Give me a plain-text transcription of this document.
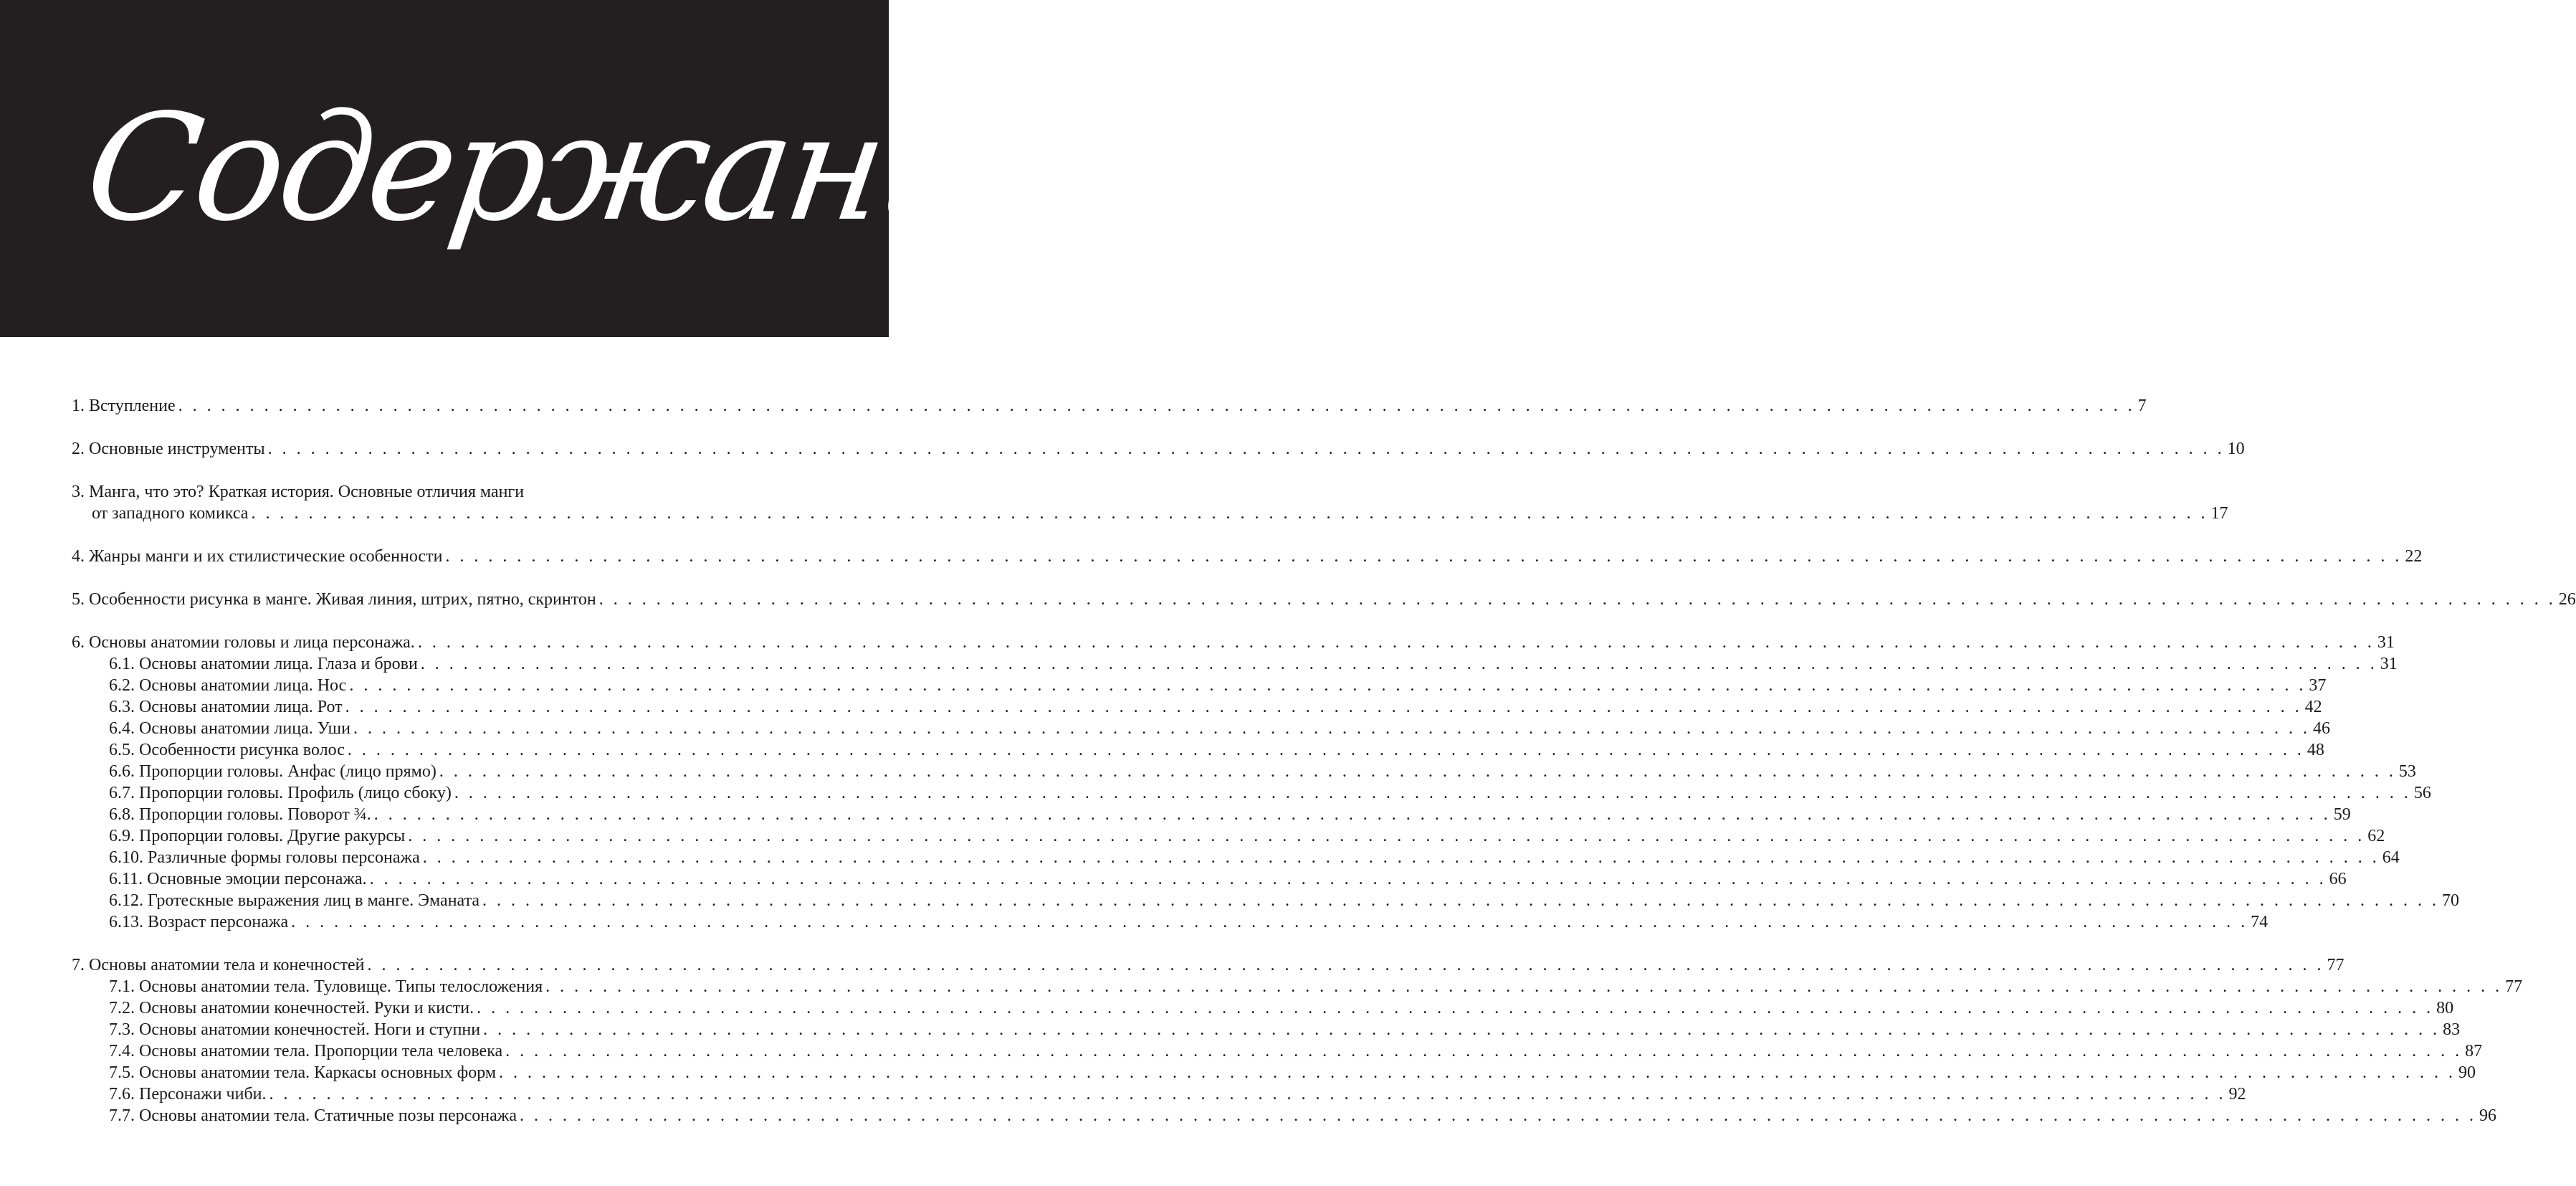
Содержание
1. Вступление . . .	7
2. Основные инструменты . . .	10
3. Манга, что это? Краткая история. Основные отличия манги
от западного комикса . . .	17
4. Жанры манги и их стилистические особенности . . .	22
5. Особенности рисунка в манге. Живая линия, штрих, пятно, скринтон . . .	26
6. Основы анатомии головы и лица персонажа. . . .	31
6.1. Основы анатомии лица. Глаза и брови . . .	31
6.2. Основы анатомии лица. Нос . . .	37
6.3. Основы анатомии лица. Рот . . .	42
6.4. Основы анатомии лица. Уши . . .	46
6.5. Особенности рисунка волос . . .	48
6.6. Пропорции головы. Анфас (лицо прямо) . . .	53
6.7. Пропорции головы. Профиль (лицо сбоку) . . .	56
6.8. Пропорции головы. Поворот ¾. . . .	59
6.9. Пропорции головы. Другие ракурсы . . .	62
6.10. Различные формы головы персонажа . . .	64
6.11. Основные эмоции персонажа. . . .	66
6.12. Гротескные выражения лиц в манге. Эманата . . .	70
6.13. Возраст персонажа . . .	74
7. Основы анатомии тела и конечностей . . .	77
7.1. Основы анатомии тела. Туловище. Типы телосложения . . .	77
7.2. Основы анатомии конечностей. Руки и кисти. . . .	80
7.3. Основы анатомии конечностей. Ноги и ступни . . .	83
7.4. Основы анатомии тела. Пропорции тела человека . . .	87
7.5. Основы анатомии тела. Каркасы основных форм . . .	90
7.6. Персонажи чиби. . . .	92
7.7. Основы анатомии тела. Статичные позы персонажа . . .	96
